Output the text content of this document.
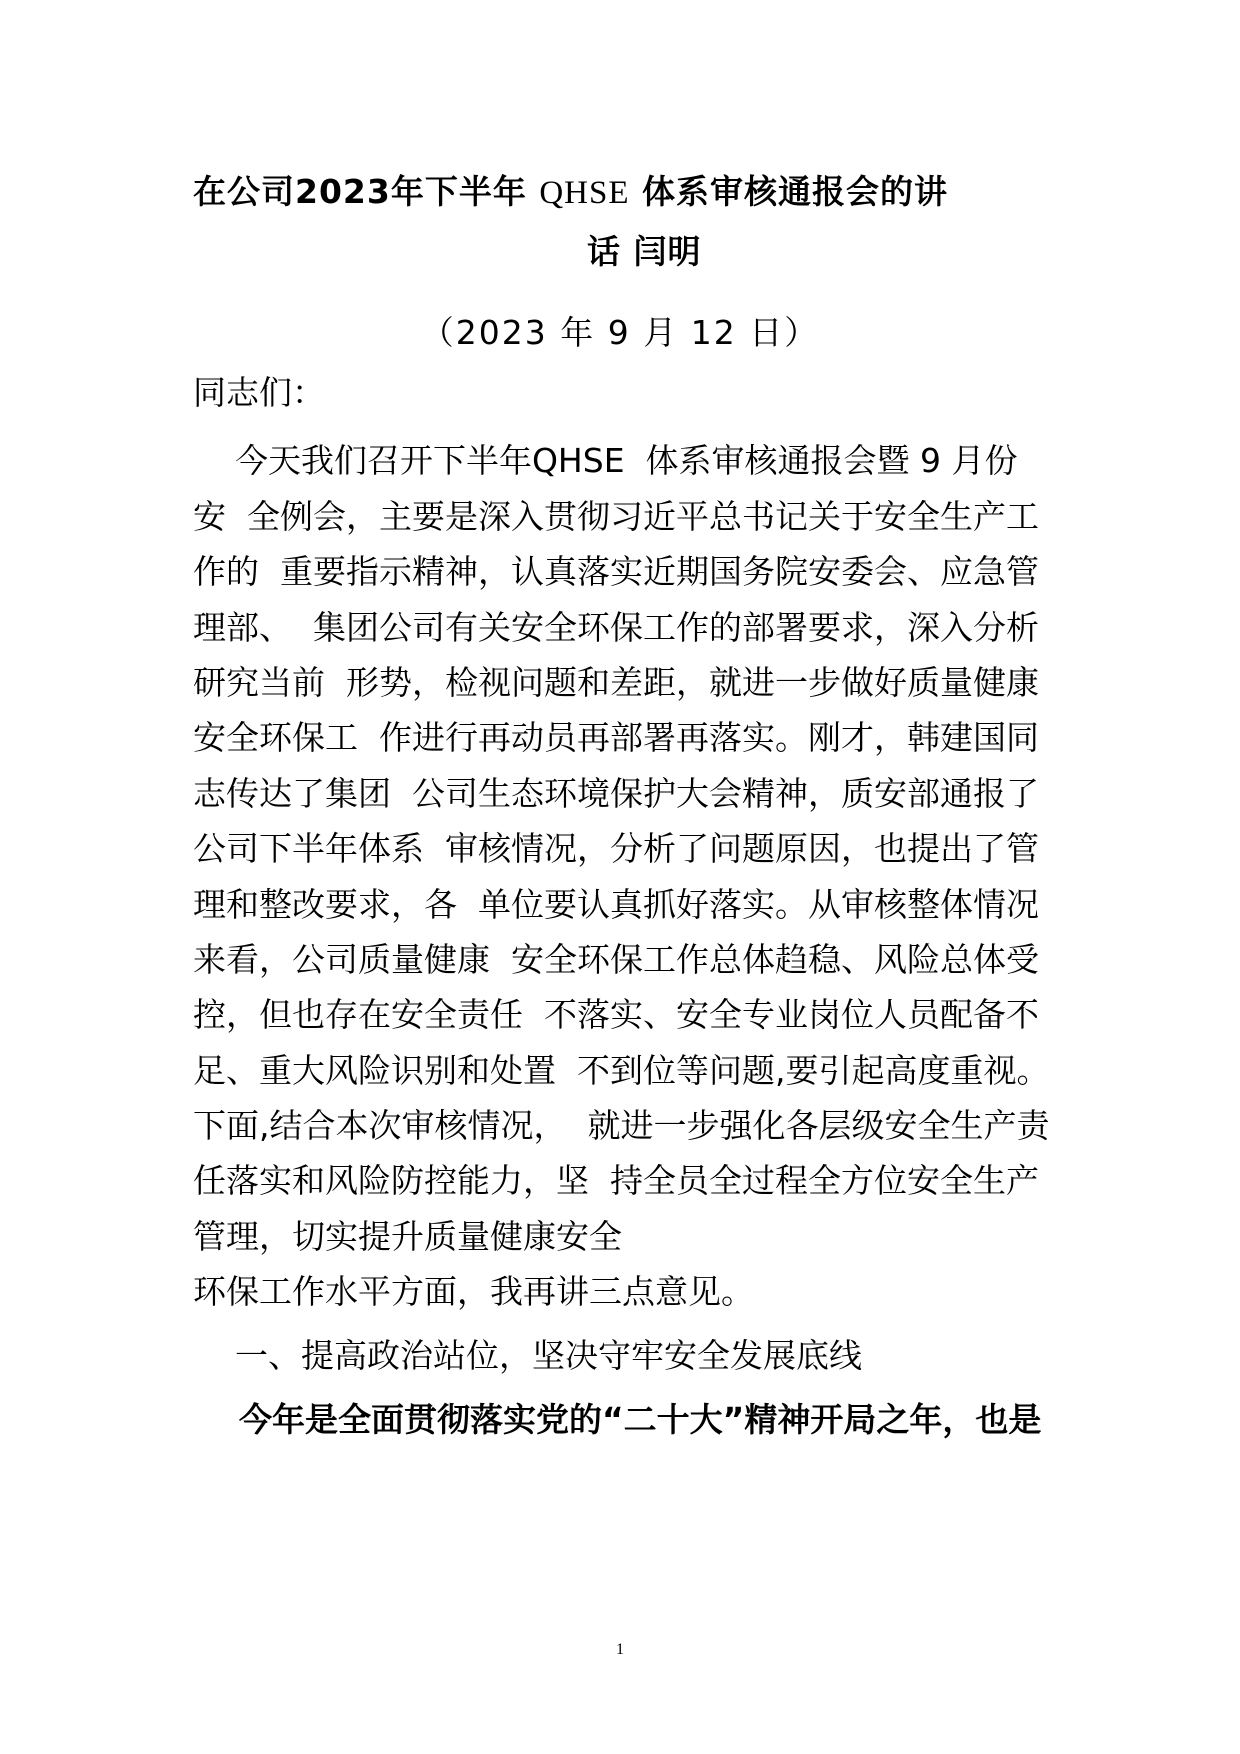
在公司2023年下半年 QHSE 体系审核通报会的讲
话 闫明
（2023 年 9 月 12 日）
同志们：
今天我们召开下半年QHSE  体系审核通报会暨 9 月份
安  全例会，主要是深入贯彻习近平总书记关于安全生产工
作的  重要指示精神，认真落实近期国务院安委会、应急管
理部、  集团公司有关安全环保工作的部署要求，深入分析
研究当前  形势，检视问题和差距，就进一步做好质量健康
安全环保工  作进行再动员再部署再落实。刚才，韩建国同
志传达了集团  公司生态环境保护大会精神，质安部通报了
公司下半年体系  审核情况，分析了问题原因，也提出了管
理和整改要求，各  单位要认真抓好落实。从审核整体情况
来看，公司质量健康  安全环保工作总体趋稳、风险总体受
控，但也存在安全责任  不落实、安全专业岗位人员配备不
足、重大风险识别和处置  不到位等问题,要引起高度重视。
下面,结合本次审核情况，  就进一步强化各层级安全生产责
任落实和风险防控能力，坚  持全员全过程全方位安全生产
管理，切实提升质量健康安全
环保工作水平方面，我再讲三点意见。
一、提高政治站位，坚决守牢安全发展底线
今年是全面贯彻落实党的“二十大”精神开局之年，也是
1
